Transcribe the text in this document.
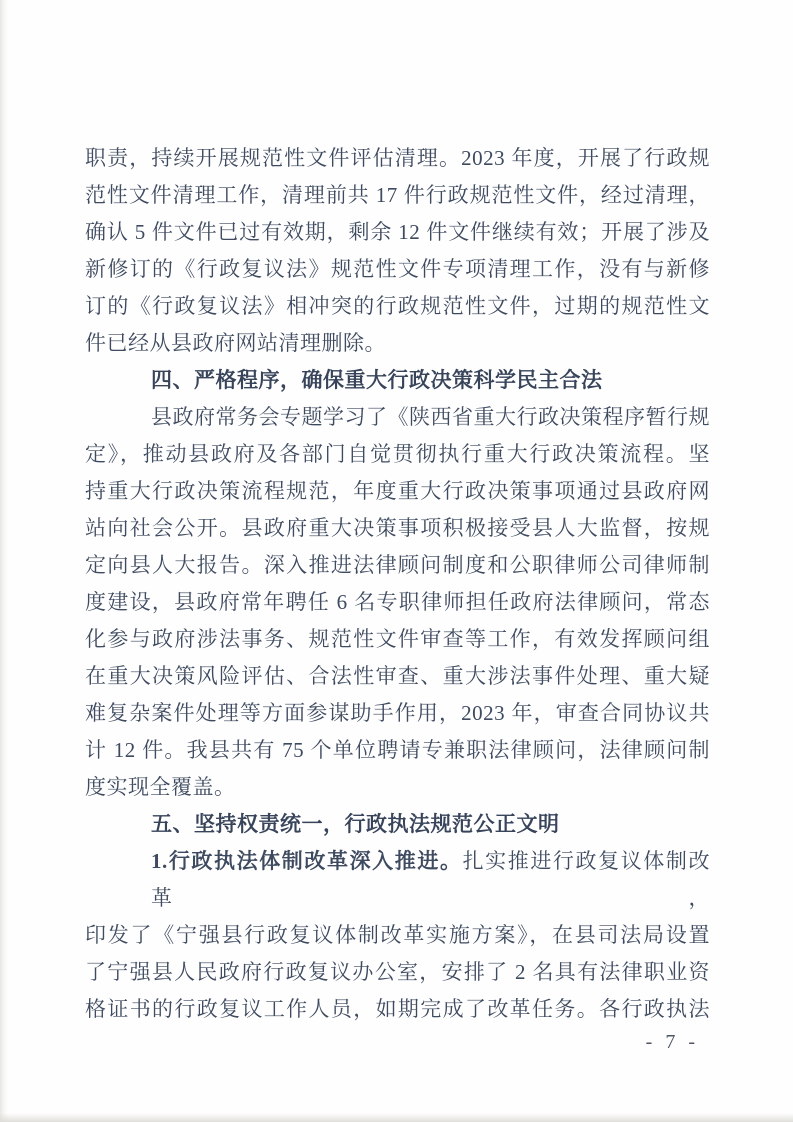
职责，持续开展规范性文件评估清理。2023 年度，开展了行政规
范性文件清理工作，清理前共 17 件行政规范性文件，经过清理，
确认 5 件文件已过有效期，剩余 12 件文件继续有效；开展了涉及
新修订的《行政复议法》规范性文件专项清理工作，没有与新修
订的《行政复议法》相冲突的行政规范性文件，过期的规范性文
件已经从县政府网站清理删除。
四、严格程序，确保重大行政决策科学民主合法
县政府常务会专题学习了《陕西省重大行政决策程序暂行规
定》，推动县政府及各部门自觉贯彻执行重大行政决策流程。坚
持重大行政决策流程规范，年度重大行政决策事项通过县政府网
站向社会公开。县政府重大决策事项积极接受县人大监督，按规
定向县人大报告。深入推进法律顾问制度和公职律师公司律师制
度建设，县政府常年聘任 6 名专职律师担任政府法律顾问，常态
化参与政府涉法事务、规范性文件审查等工作，有效发挥顾问组
在重大决策风险评估、合法性审查、重大涉法事件处理、重大疑
难复杂案件处理等方面参谋助手作用，2023 年，审查合同协议共
计 12 件。我县共有 75 个单位聘请专兼职法律顾问，法律顾问制
度实现全覆盖。
五、坚持权责统一，行政执法规范公正文明
1.行政执法体制改革深入推进。扎实推进行政复议体制改革，
印发了《宁强县行政复议体制改革实施方案》，在县司法局设置
了宁强县人民政府行政复议办公室，安排了 2 名具有法律职业资
格证书的行政复议工作人员，如期完成了改革任务。各行政执法
- 7 -
